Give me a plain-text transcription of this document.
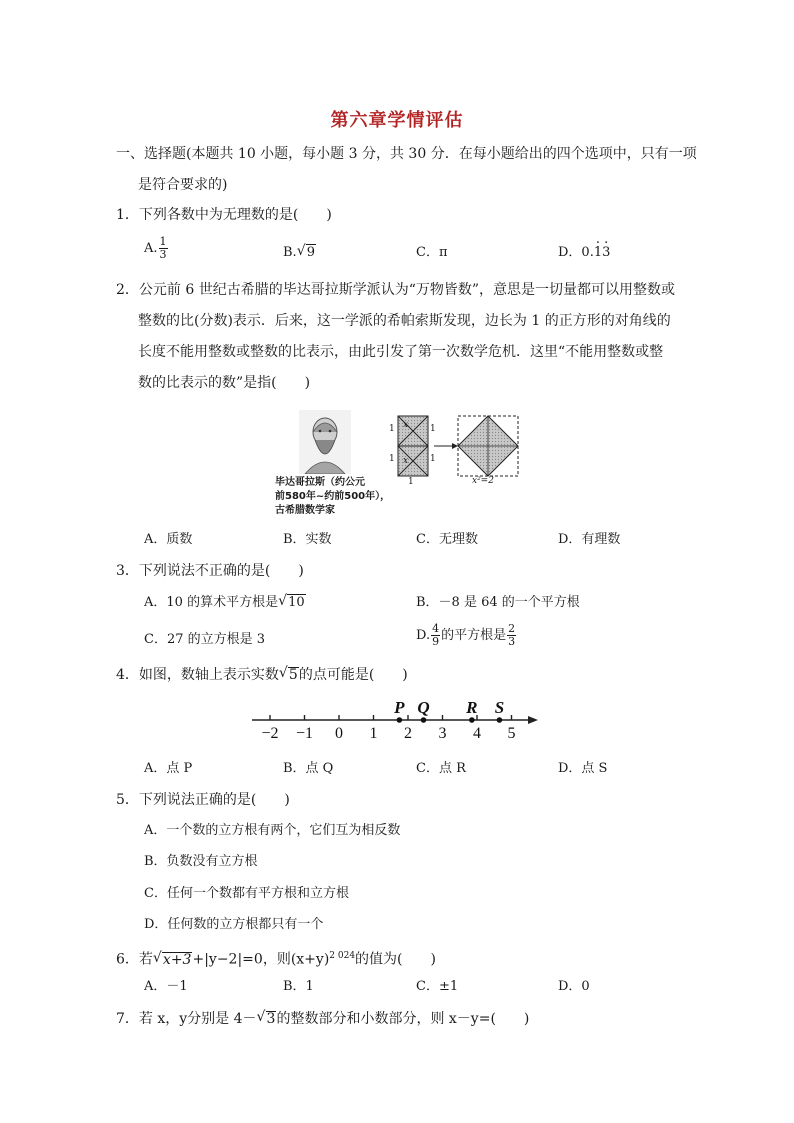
第六章学情评估
一、选择题(本题共 10 小题，每小题 3 分，共 30 分．在每小题给出的四个选项中，只有一项
是符合要求的)
1．下列各数中为无理数的是(　　)
A. $\frac{1}{3}$	B. √ 9	C．π	D．0.1 .3 .
2．公元前 6 世纪古希腊的毕达哥拉斯学派认为“万物皆数”，意思是一切量都可以用整数或
整数的比(分数)表示．后来，这一学派的希帕索斯发现，边长为 1 的正方形的对角线的
长度不能用整数或整数的比表示，由此引发了第一次数学危机．这里“不能用整数或整
数的比表示的数”是指(　　)
毕达哥拉斯（约公元
前580年~约前500年），
古希腊数学家
x
x
1
1
1
1
1	x²=2
A．质数	B．实数	C．无理数	D．有理数
3．下列说法不正确的是(　　)
A．10 的算术平方根是 √ 10	B．－8 是 64 的一个平方根
C．27 的立方根是 3	D. $\frac{4}{9}$ 的平方根是 $\frac{2}{3}$
4．如图，数轴上表示实数 √ 5的点可能是(　　)
−2 −1 0 1 2 3 4 5
P Q R S
A．点 P	B．点 Q	C．点 R	D．点 S
5．下列说法正确的是(　　)
A．一个数的立方根有两个，它们互为相反数
B．负数没有立方根
C．任何一个数都有平方根和立方根
D．任何数的立方根都只有一个
6．若 √ x+3+|y−2|=0，则$(x+y)^{2 024}$的值为(　　)
A．－1	B．1	C．±1	D．0
7．若 x，y分别是 4－ √ 3的整数部分和小数部分，则 x－y=(　　)
